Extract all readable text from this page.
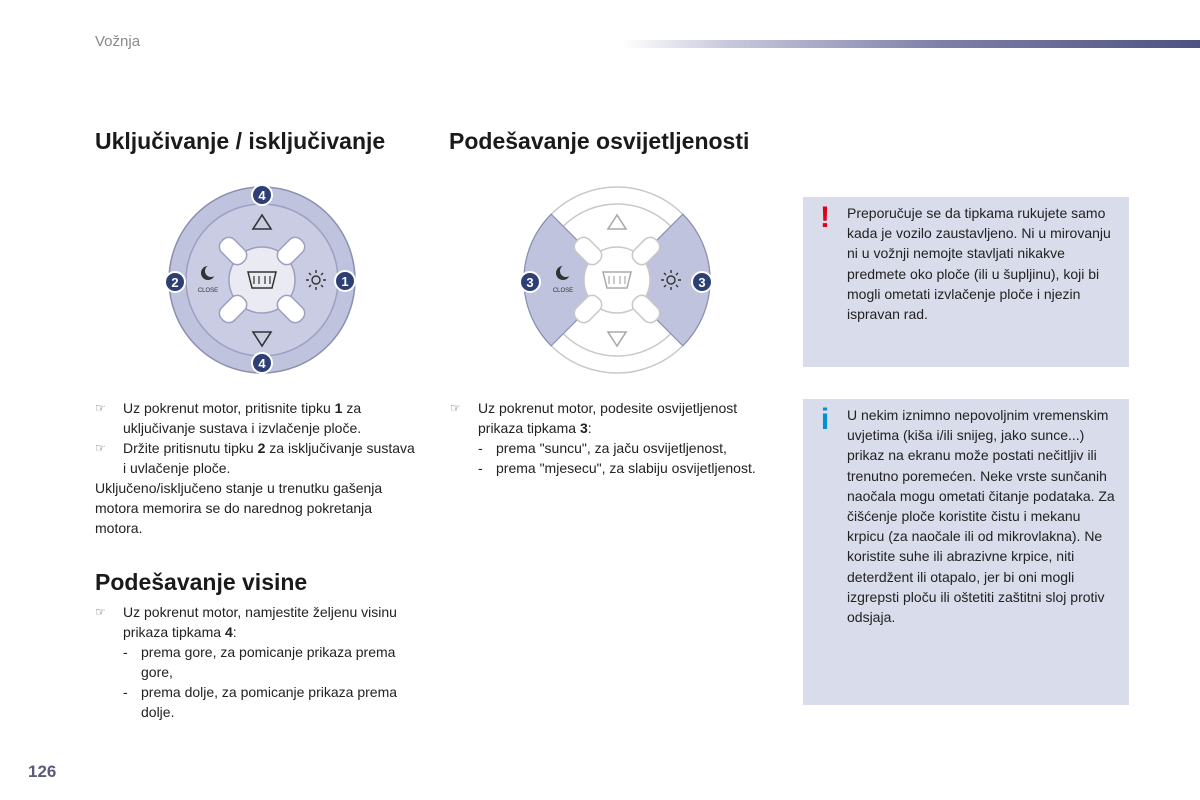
Vožnja
Uključivanje / isključivanje	Podešavanje osvijetljenosti
Podešavanje visine
CLOSE
4
2	1
4
CLOSE
3	3
☞ Uz pokrenut motor, pritisnite tipku 1 za uključivanje sustava i izvlačenje ploče.
☞ Držite pritisnutu tipku 2 za isključivanje sustava i uvlačenje ploče.
Uključeno/isključeno stanje u trenutku gašenja motora memorira se do narednog pokretanja motora.
☞ Uz pokrenut motor, podesite osvijetljenost prikaza tipkama 3:
- prema "suncu", za jaču osvijetljenost,
- prema "mjesecu", za slabiju osvijetljenost.
☞ Uz pokrenut motor, namjestite željenu visinu prikaza tipkama 4:
- prema gore, za pomicanje prikaza prema gore,
- prema dolje, za pomicanje prikaza prema dolje.
!	Preporučuje se da tipkama rukujete samo kada je vozilo zaustavljeno. Ni u mirovanju ni u vožnji nemojte stavljati nikakve predmete oko ploče (ili u šupljinu), koji bi mogli ometati izvlačenje ploče i njezin ispravan rad.
i	U nekim iznimno nepovoljnim vremenskim uvjetima (kiša i/ili snijeg, jako sunce...) prikaz na ekranu može postati nečitljiv ili trenutno poremećen. Neke vrste sunčanih naočala mogu ometati čitanje podataka. Za čišćenje ploče koristite čistu i mekanu krpicu (za naočale ili od mikrovlakna). Ne koristite suhe ili abrazivne krpice, niti deterdžent ili otapalo, jer bi oni mogli izgrepsti ploču ili oštetiti zaštitni sloj protiv odsjaja.
126
